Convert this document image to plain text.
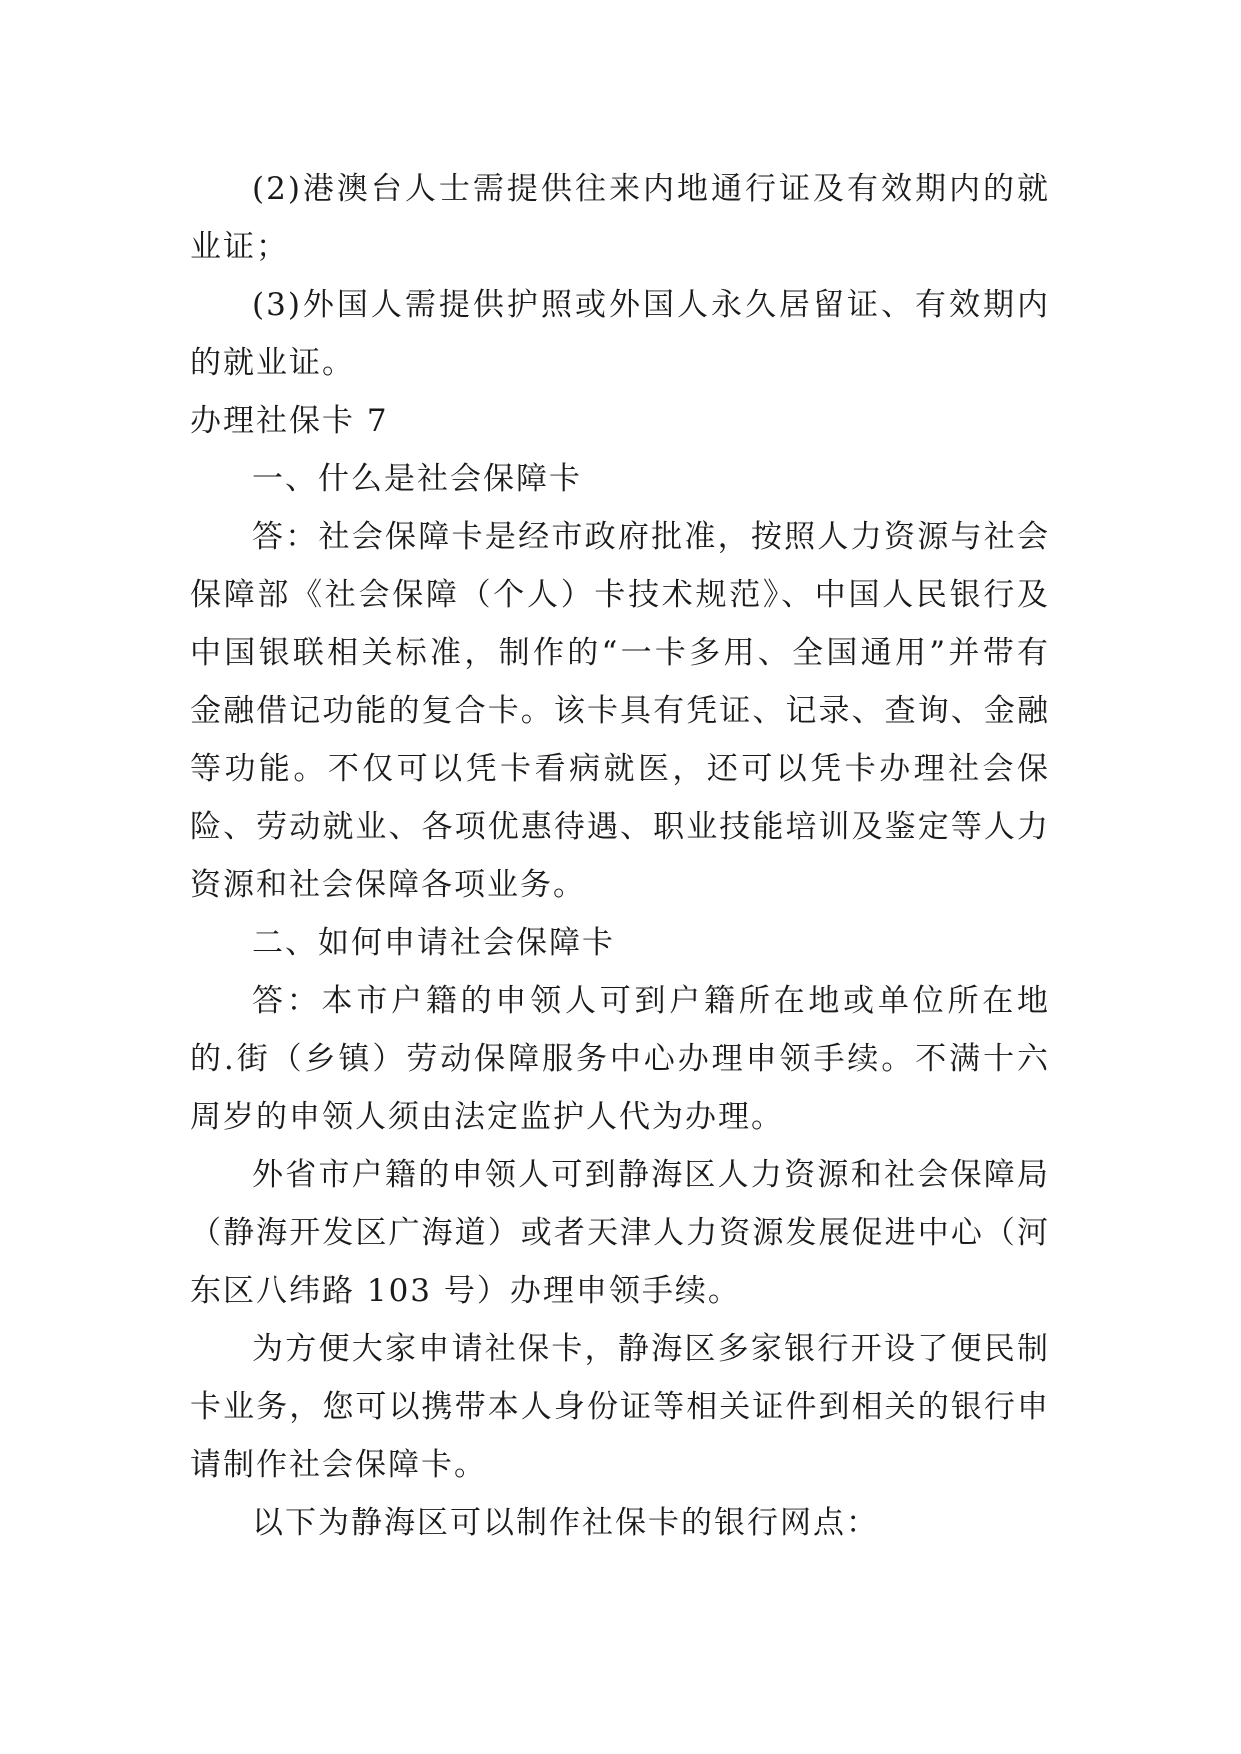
(2)港澳台人士需提供往来内地通行证及有效期内的就业证；

(3)外国人需提供护照或外国人永久居留证、有效期内的就业证。

办理社保卡 7

一、什么是社会保障卡

答：社会保障卡是经市政府批准，按照人力资源与社会保障部《社会保障（个人）卡技术规范》、中国人民银行及中国银联相关标准，制作的“一卡多用、全国通用”并带有金融借记功能的复合卡。该卡具有凭证、记录、查询、金融等功能。不仅可以凭卡看病就医，还可以凭卡办理社会保险、劳动就业、各项优惠待遇、职业技能培训及鉴定等人力资源和社会保障各项业务。

二、如何申请社会保障卡

答：本市户籍的申领人可到户籍所在地或单位所在地的.街（乡镇）劳动保障服务中心办理申领手续。不满十六周岁的申领人须由法定监护人代为办理。

外省市户籍的申领人可到静海区人力资源和社会保障局（静海开发区广海道）或者天津人力资源发展促进中心（河东区八纬路 103 号）办理申领手续。

为方便大家申请社保卡，静海区多家银行开设了便民制卡业务，您可以携带本人身份证等相关证件到相关的银行申请制作社会保障卡。

以下为静海区可以制作社保卡的银行网点：
